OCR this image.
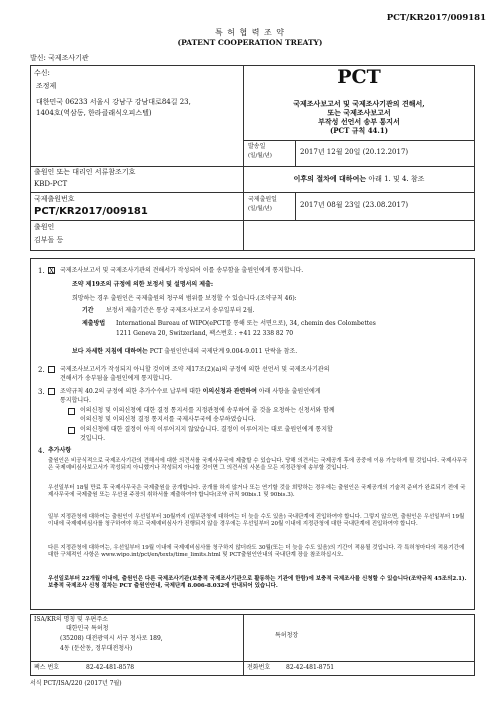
PCT/KR2017/009181
특 허 협 력 조 약
(PATENT COOPERATION TREATY)
발신: 국제조사기관
수신:
조정제
대한민국 06233 서울시 강남구 강남대로84길 23,
1404호(역삼동, 한라클래식오피스텔)
PCT
국제조사보고서 및 국제조사기관의 견해서,
또는 국제조사보고서
부작성 선언서 송부 통지서
(PCT 규칙 44.1)
발송일
(일/월/년)	2017년 12월 20일 (20.12.2017)
출원인 또는 대리인 서류참조기호
KBD-PCT
이후의 절차에 대하여는 아래 1. 및 4. 참조
국제출원번호
PCT/KR2017/009181
국제출원일
(일/월/년)	2017년 08월 23일 (23.08.2017)
출원인
김부돌 등
1. X 국제조사보고서 및 국제조사기관의 견해서가 작성되어 이를 송부함을 출원인에게 통지합니다.
조약 제19조의 규정에 의한 보정서 및 설명서의 제출:
희망하는 경우 출원인은 국제출원의 청구의 범위를 보정할 수 있습니다.(조약규칙 46):
기간 보정서 제출기간은 통상 국제조사보고서 송부일부터 2월.
제출방법 International Bureau of WIPO(ePCT를 통해 또는 서면으로), 34, chemin des Colombettes
1211 Geneva 20, Switzerland, 팩스번호 : +41 22 338 82 70
보다 자세한 지침에 대하여는 PCT 출원인안내의 국제단계 9.004-9.011 단락을 참조.
2.	국제조사보고서가 작성되지 아니할 것이며 조약 제17조(2)(a)의 규정에 의한 선언서 및 국제조사기관의
견해서가 송부됨을 출원인에게 통지합니다.
3.	조약규칙 40.2의 규정에 의한 추가수수료 납부에 대한 이의신청과 관련하여 아래 사항을 출원인에게
통지합니다.
이의신청 및 이의신청에 대한 결정 통지서를 지정관청에 송부하여 줄 것을 요청하는 신청서와 함께
이의신청 및 이의신청 결정 통지서를 국제사무국에 송부하였습니다.
이의신청에 대한 결정이 아직 이루어지지 않았습니다. 결정이 이루어지는 대로 출원인에게 통지할
것입니다.
4. 추가사항
출원인은 비공식적으로 국제조사기관의 견해서에 대한 의견서를 국제사무국에 제출할 수 있습니다. 당해 의견서는 국제공개 후에 공중에 이용 가능하게 될 것입니다. 국제사무국은 국제예비심사보고서가 작성되지 아니했거나 작성되지 아니할 것이면 그 의견서의 사본을 모든 지정관청에 송부할 것입니다.
우선일부터 18월 만료 후 국제사무국은 국제출원을 공개합니다. 공개를 하지 않거나 또는 연기할 것을 희망하는 경우에는 출원인은 국제공개의 기술적 준비가 완료되기 전에 국제사무국에 국제출원 또는 우선권 주장의 취하서를 제출하여야 합니다(조약 규칙 90bis.1 및 90bis.3).
일부 지정관청에 대하여는 출원인이 우선일부터 30월까지 (일부관청에 대하여는 더 늦을 수도 있음) 국내단계에 진입하여야 합니다. 그렇지 않으면, 출원인은 우선일부터 19월 이내에 국제예비심사를 청구하여야 하고 국제예비심사가 진행되지 않을 경우에는 우선일부터 20월 이내에 지정관청에 대한 국내단계에 진입하여야 합니다.
다른 지정관청에 대하여는, 우선일부터 19월 이내에 국제예비심사를 청구하지 않더라도 30월(또는 더 늦을 수도 있음)의 기간이 적용될 것입니다. 각 특허청마다의 적용기간에 대한 구체적인 사항은 www.wipo.int/pct/en/texts/time_limits.html 및 PCT출원인안내의 국내단계 장을 참조하십시오.
우선일로부터 22개월 이내에, 출원인은 다른 국제조사기관(보충적 국제조사기관으로 활동하는 기관에 한함)에 보충적 국제조사를 신청할 수 있습니다(조약규칙 45조의2.1). 보충적 국제조사 신청 절차는 PCT 출원인안내, 국제단계 8.006-8.032에 안내되어 있습니다.
ISA/KR의 명칭 및 우편주소
대한민국 특허청
(35208) 대전광역시 서구 청사로 189,
4동 (둔산동, 정부대전청사)
팩스 번호	82-42-481-8578
특허청장
전화번호	82-42-481-8751
서식 PCT/ISA/220 (2017년 7월)
